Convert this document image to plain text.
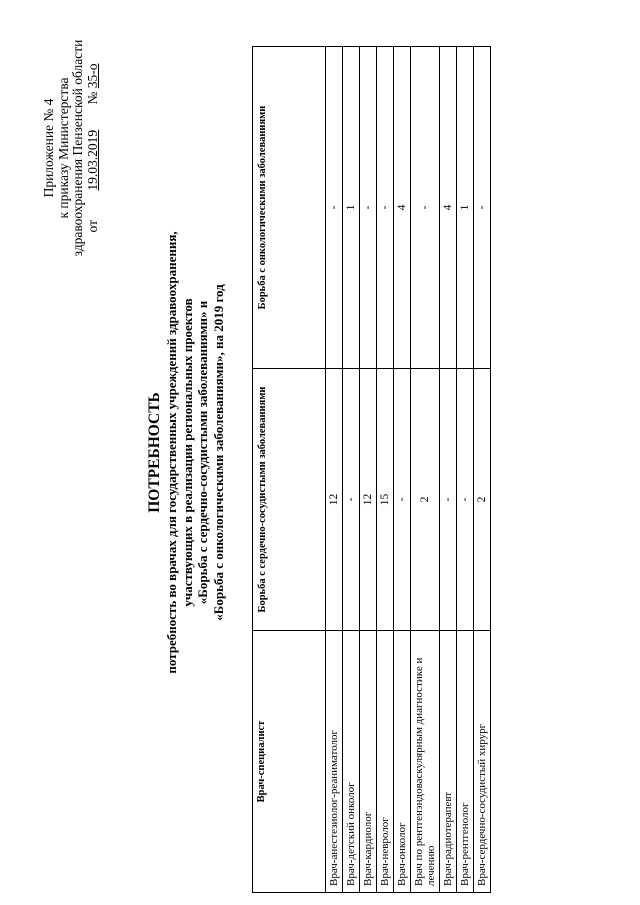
Приложение № 4 к приказу Министерства здравоохранения Пензенской области от 19.03.2019 № 35-о
ПОТРЕБНОСТЬ потребность во врачах для государственных учреждений здравоохранения, участвующих в реализации региональных проектов «Борьба с сердечно-сосудистыми заболеваниями» и «Борьба с онкологическими заболеваниями», на 2019 год
Врач-специалист	Борьба с сердечно-сосудистыми заболеваниями	Борьба с онкологическими заболеваниями
Врач-анестезиолог-реаниматолог	12	-
Врач-детский онколог	-	1
Врач-кардиолог	12	-
Врач-невролог	15	-
Врач-онколог	-	4
Врач по рентгенэндоваскулярным диагностике и лечению	2	-
Врач-радиотерапевт	-	4
Врач-рентгенолог	-	1
Врач-сердечно-сосудистый хирург	2	-
